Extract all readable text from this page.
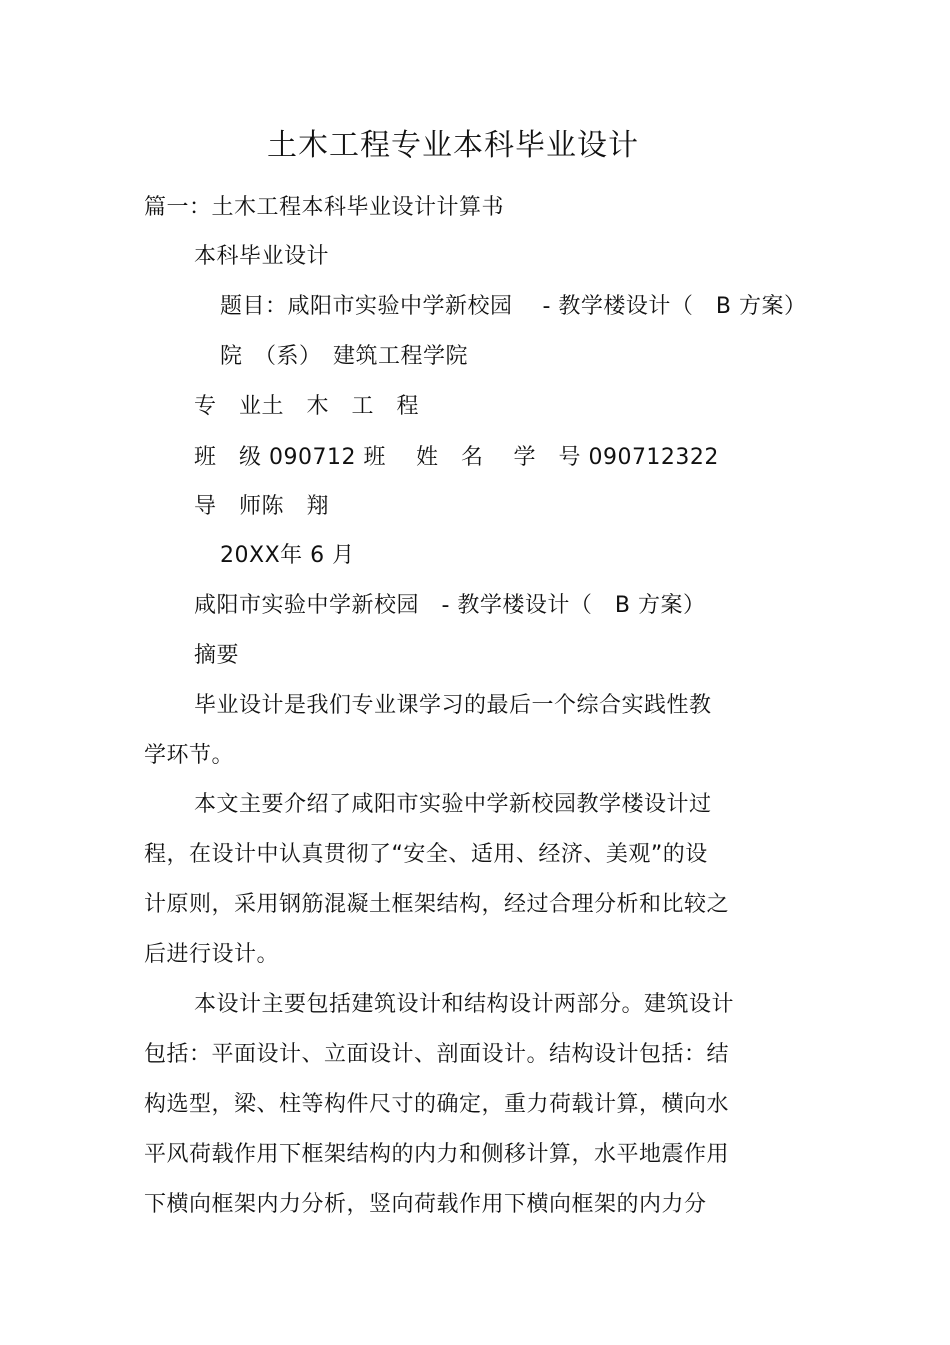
土木工程专业本科毕业设计
篇一：土木工程本科毕业设计计算书
本科毕业设计
题目：咸阳市实验中学新校园　 - 教学楼设计（　B 方案）
院　（系）　建筑工程学院
专　业土　木　工　程
班　级 090712 班　 姓　名　 学　号 090712322
导　师陈　翔
20XX年 6 月
咸阳市实验中学新校园　- 教学楼设计（　B 方案）
摘要
毕业设计是我们专业课学习的最后一个综合实践性教
学环节。
本文主要介绍了咸阳市实验中学新校园教学楼设计过
程，在设计中认真贯彻了“安全、适用、经济、美观”的设
计原则，采用钢筋混凝土框架结构，经过合理分析和比较之
后进行设计。
本设计主要包括建筑设计和结构设计两部分。建筑设计
包括：平面设计、立面设计、剖面设计。结构设计包括：结
构选型，梁、柱等构件尺寸的确定，重力荷载计算，横向水
平风荷载作用下框架结构的内力和侧移计算，水平地震作用
下横向框架内力分析，竖向荷载作用下横向框架的内力分
